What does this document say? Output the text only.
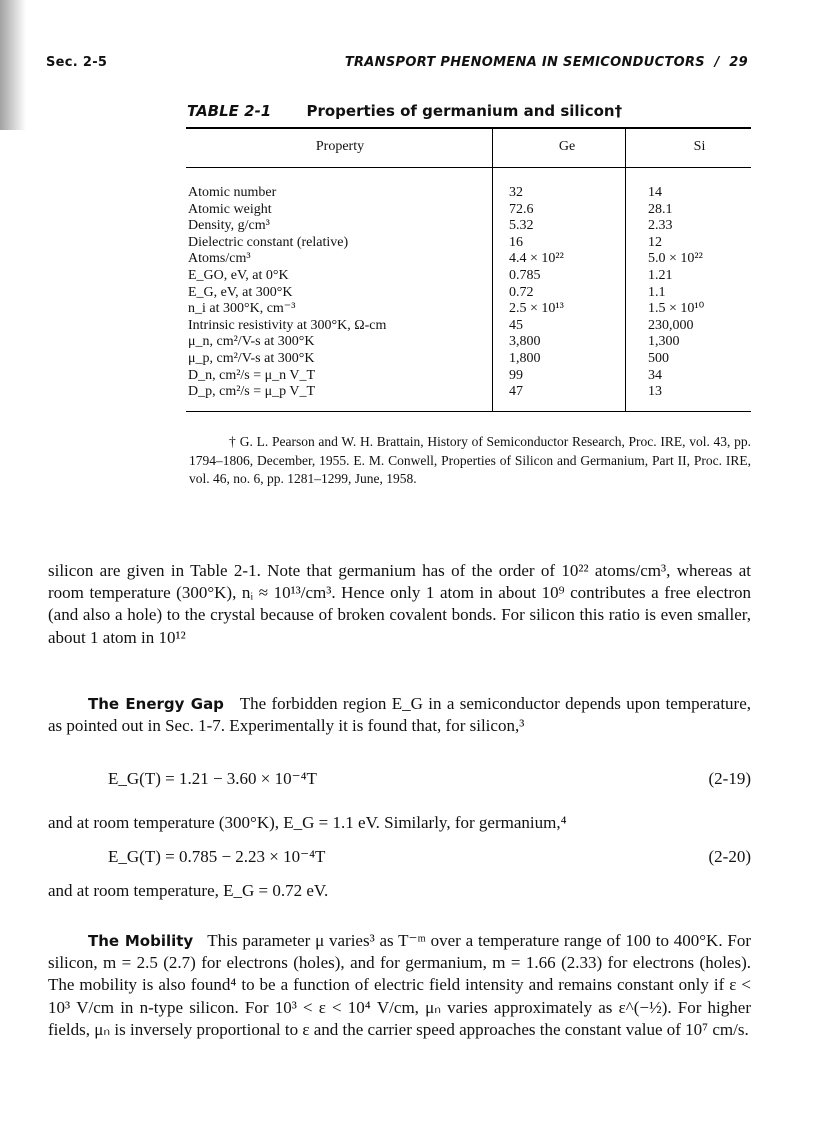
Sec. 2-5	TRANSPORT PHENOMENA IN SEMICONDUCTORS / 29
TABLE 2-1 Properties of germanium and silicon†
Property	Ge	Si
Atomic number	32	14
Atomic weight	72.6	28.1
Density, g/cm³	5.32	2.33
Dielectric constant (relative)	16	12
Atoms/cm³	4.4 × 10²²	5.0 × 10²²
E_GO, eV, at 0°K	0.785	1.21
E_G, eV, at 300°K	0.72	1.1
n_i at 300°K, cm⁻³	2.5 × 10¹³	1.5 × 10¹⁰
Intrinsic resistivity at 300°K, Ω-cm	45	230,000
μ_n, cm²/V-s at 300°K	3,800	1,300
μ_p, cm²/V-s at 300°K	1,800	500
D_n, cm²/s = μ_n V_T	99	34
D_p, cm²/s = μ_p V_T	47	13
† G. L. Pearson and W. H. Brattain, History of Semiconductor Research, Proc. IRE, vol. 43, pp. 1794–1806, December, 1955. E. M. Conwell, Properties of Silicon and Germanium, Part II, Proc. IRE, vol. 46, no. 6, pp. 1281–1299, June, 1958.
silicon are given in Table 2-1. Note that germanium has of the order of 10²² atoms/cm³, whereas at room temperature (300°K), nᵢ ≈ 10¹³/cm³. Hence only 1 atom in about 10⁹ contributes a free electron (and also a hole) to the crystal because of broken covalent bonds. For silicon this ratio is even smaller, about 1 atom in 10¹²
The Energy Gap The forbidden region E_G in a semiconductor depends upon temperature, as pointed out in Sec. 1-7. Experimentally it is found that, for silicon,³
E_G(T) = 1.21 − 3.60 × 10⁻⁴T	(2-19)
and at room temperature (300°K), E_G = 1.1 eV. Similarly, for germanium,⁴
E_G(T) = 0.785 − 2.23 × 10⁻⁴T	(2-20)
and at room temperature, E_G = 0.72 eV.
The Mobility This parameter μ varies³ as T⁻ᵐ over a temperature range of 100 to 400°K. For silicon, m = 2.5 (2.7) for electrons (holes), and for germanium, m = 1.66 (2.33) for electrons (holes). The mobility is also found⁴ to be a function of electric field intensity and remains constant only if ε < 10³ V/cm in n-type silicon. For 10³ < ε < 10⁴ V/cm, μₙ varies approximately as ε^(−½). For higher fields, μₙ is inversely proportional to ε and the carrier speed approaches the constant value of 10⁷ cm/s.
